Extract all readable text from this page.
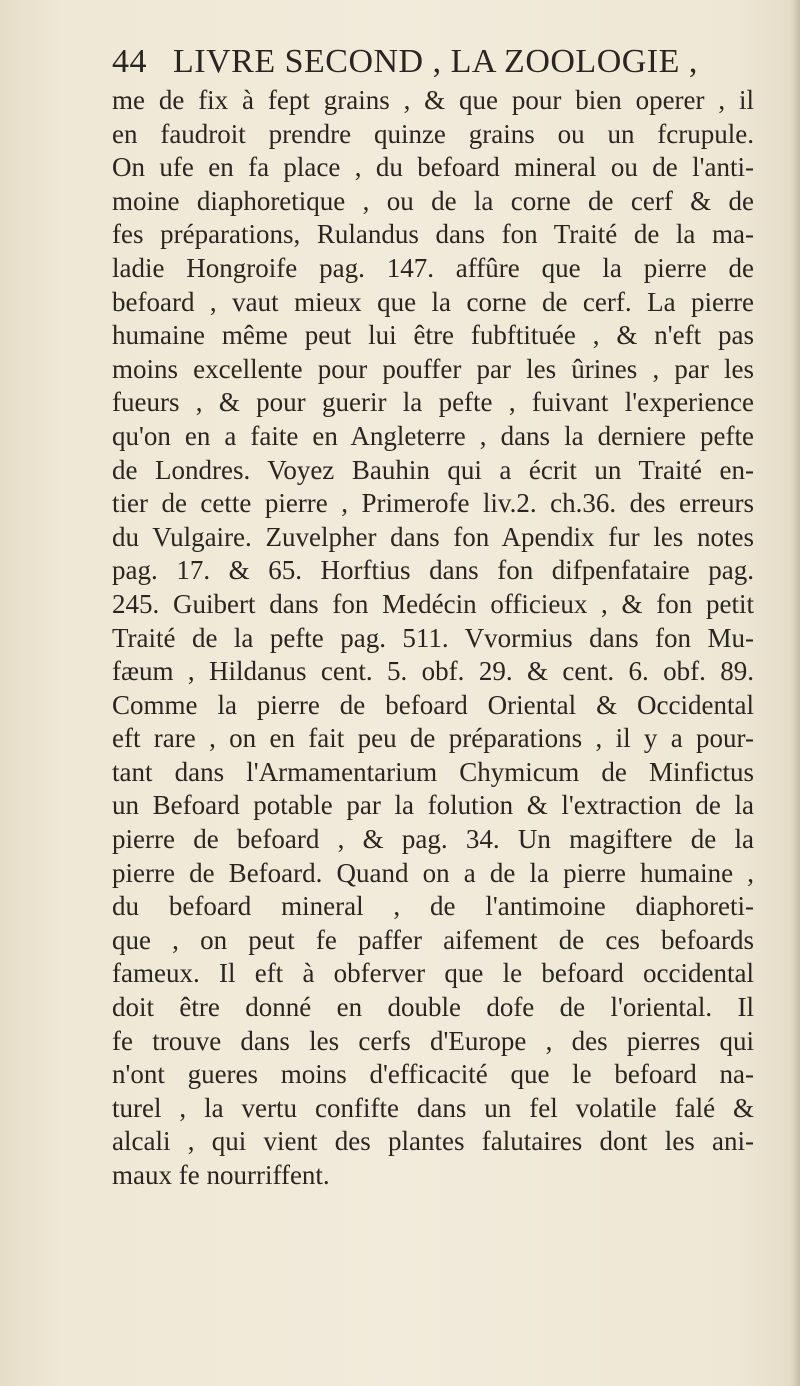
44 LIVRE SECOND , LA ZOOLOGIE ,
me de fix à fept grains , & que pour bien operer , il
en faudroit prendre quinze grains ou un fcrupule.
On ufe en fa place , du befoard mineral ou de l'anti-
moine diaphoretique , ou de la corne de cerf & de
fes préparations, Rulandus dans fon Traité de la ma-
ladie Hongroife pag. 147. affûre que la pierre de
befoard , vaut mieux que la corne de cerf. La pierre
humaine même peut lui être fubftituée , & n'eft pas
moins excellente pour pouffer par les ûrines , par les
fueurs , & pour guerir la pefte , fuivant l'experience
qu'on en a faite en Angleterre , dans la derniere pefte
de Londres. Voyez Bauhin qui a écrit un Traité en-
tier de cette pierre , Primerofe liv.2. ch.36. des erreurs
du Vulgaire. Zuvelpher dans fon Apendix fur les notes
pag. 17. & 65. Horftius dans fon difpenfataire pag.
245. Guibert dans fon Medécin officieux , & fon petit
Traité de la pefte pag. 511. Vvormius dans fon Mu-
fæum , Hildanus cent. 5. obf. 29. & cent. 6. obf. 89.
Comme la pierre de befoard Oriental & Occidental
eft rare , on en fait peu de préparations , il y a pour-
tant dans l'Armamentarium Chymicum de Minfictus
un Befoard potable par la folution & l'extraction de la
pierre de befoard , & pag. 34. Un magiftere de la
pierre de Befoard. Quand on a de la pierre humaine ,
du befoard mineral , de l'antimoine diaphoreti-
que , on peut fe paffer aifement de ces befoards
fameux. Il eft à obferver que le befoard occidental
doit être donné en double dofe de l'oriental. Il
fe trouve dans les cerfs d'Europe , des pierres qui
n'ont gueres moins d'efficacité que le befoard na-
turel , la vertu confifte dans un fel volatile falé &
alcali , qui vient des plantes falutaires dont les ani-
maux fe nourriffent.
